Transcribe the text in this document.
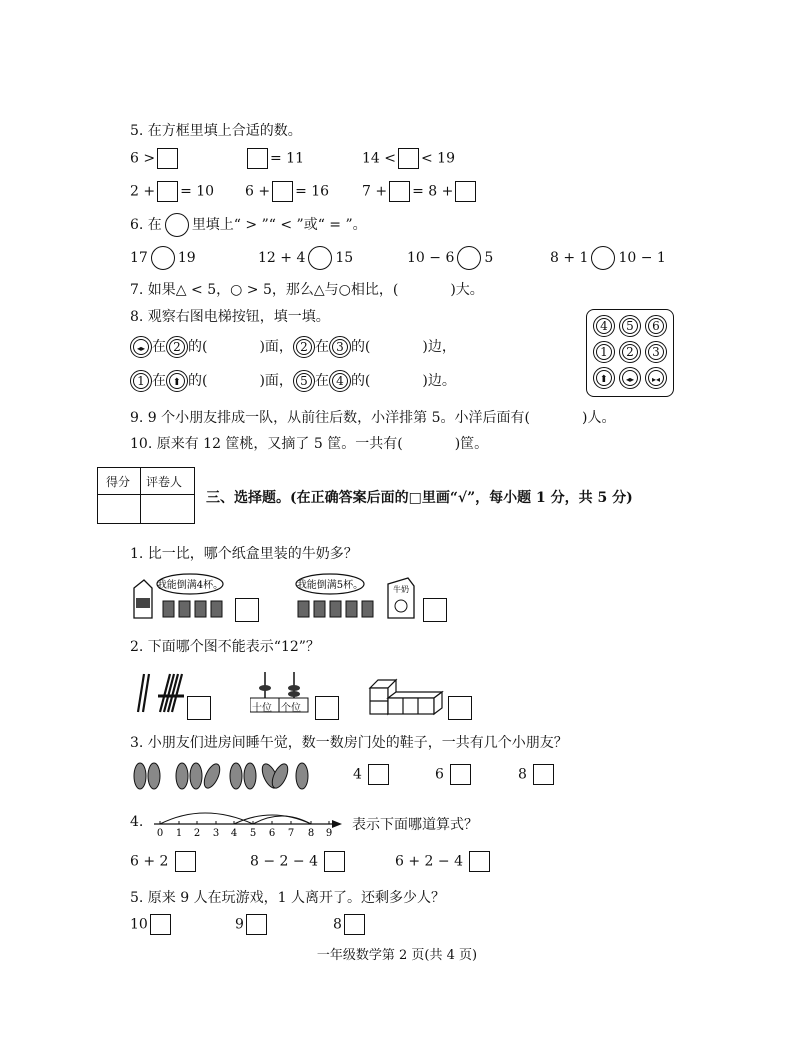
5. 在方框里填上合适的数。
6 >	= 11	14 < < 19
2 + = 10 6 + = 16 7 + = 8 +
6. 在 里填上“ > ”“ < ”或“ = ”。
17 19	12 + 4 15	10 − 6 5	8 + 1 10 − 1
7. 如果△ < 5，○ > 5，那么△与○相比，(	)大。
8. 观察右图电梯按钮，填一填。
◂▸ 在 2 的(	)面， 2 在 3 的(	)边，
1 在 ⬆ 的(	)面， 5 在 4 的(	)边。
4	5	6
1	2	3
⬆	◂▸	▸◂
9. 9 个小朋友排成一队，从前往后数，小洋排第 5。小洋后面有(	)人。
10. 原来有 12 筐桃，又摘了 5 筐。一共有(	)筐。
得分 评卷人
三、选择题。(在正确答案后面的□里画“√”，每小题 1 分，共 5 分)
1. 比一比，哪个纸盒里装的牛奶多？
我能倒满4杯。	我能倒满5杯。	牛奶
2. 下面哪个图不能表示“12”？
十位 个位
3. 小朋友们进房间睡午觉，数一数房门处的鞋子，一共有几个小朋友？
4	6	8
4.
0 1 2 3 4 5 6 7 8 9
表示下面哪道算式？
6 + 2	8 − 2 − 4	6 + 2 − 4
5. 原来 9 人在玩游戏，1 人离开了。还剩多少人？
10	9	8
一年级数学第 2 页(共 4 页)
